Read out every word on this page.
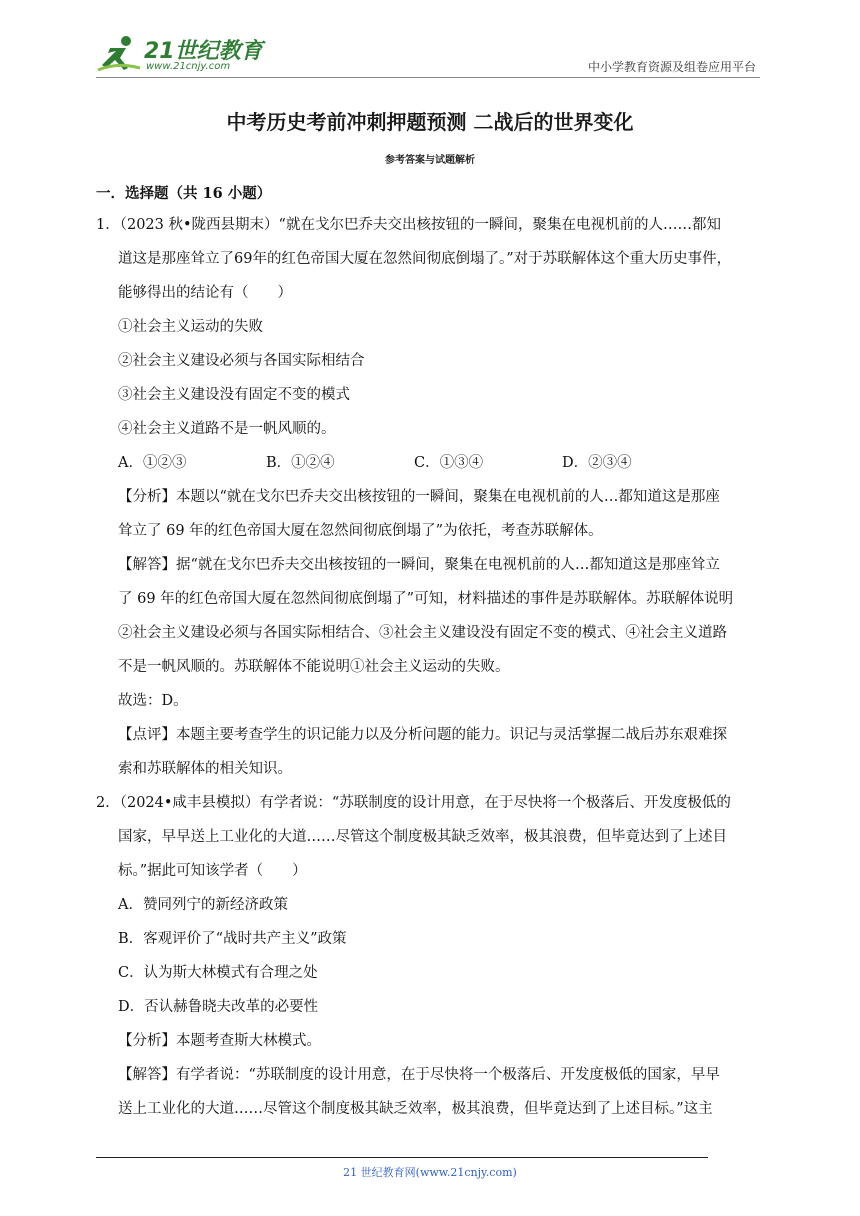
21世纪教育
www.21cnjy.com	中小学教育资源及组卷应用平台
中考历史考前冲刺押题预测 二战后的世界变化
参考答案与试题解析

一．选择题（共 16 小题）

1．（2023 秋•陇西县期末）“就在戈尔巴乔夫交出核按钮的一瞬间，聚集在电视机前的人……都知
道这是那座耸立了69年的红色帝国大厦在忽然间彻底倒塌了。”对于苏联解体这个重大历史事件，
能够得出的结论有（　　）
①社会主义运动的失败
②社会主义建设必须与各国实际相结合
③社会主义建设没有固定不变的模式
④社会主义道路不是一帆风顺的。
A．①②③	B．①②④	C．①③④	D．②③④
【分析】本题以“就在戈尔巴乔夫交出核按钮的一瞬间，聚集在电视机前的人…都知道这是那座
耸立了 69 年的红色帝国大厦在忽然间彻底倒塌了”为依托，考查苏联解体。
【解答】据“就在戈尔巴乔夫交出核按钮的一瞬间，聚集在电视机前的人…都知道这是那座耸立
了 69 年的红色帝国大厦在忽然间彻底倒塌了”可知，材料描述的事件是苏联解体。苏联解体说明
②社会主义建设必须与各国实际相结合、③社会主义建设没有固定不变的模式、④社会主义道路
不是一帆风顺的。苏联解体不能说明①社会主义运动的失败。
故选：D。
【点评】本题主要考查学生的识记能力以及分析问题的能力。识记与灵活掌握二战后苏东艰难探
索和苏联解体的相关知识。
2．（2024•咸丰县模拟）有学者说：“苏联制度的设计用意，在于尽快将一个极落后、开发度极低的
国家，早早送上工业化的大道……尽管这个制度极其缺乏效率，极其浪费，但毕竟达到了上述目
标。”据此可知该学者（　　）
A．赞同列宁的新经济政策
B．客观评价了“战时共产主义”政策
C．认为斯大林模式有合理之处
D．否认赫鲁晓夫改革的必要性
【分析】本题考查斯大林模式。
【解答】有学者说：“苏联制度的设计用意，在于尽快将一个极落后、开发度极低的国家，早早
送上工业化的大道……尽管这个制度极其缺乏效率，极其浪费，但毕竟达到了上述目标。”这主
21 世纪教育网(www.21cnjy.com)
